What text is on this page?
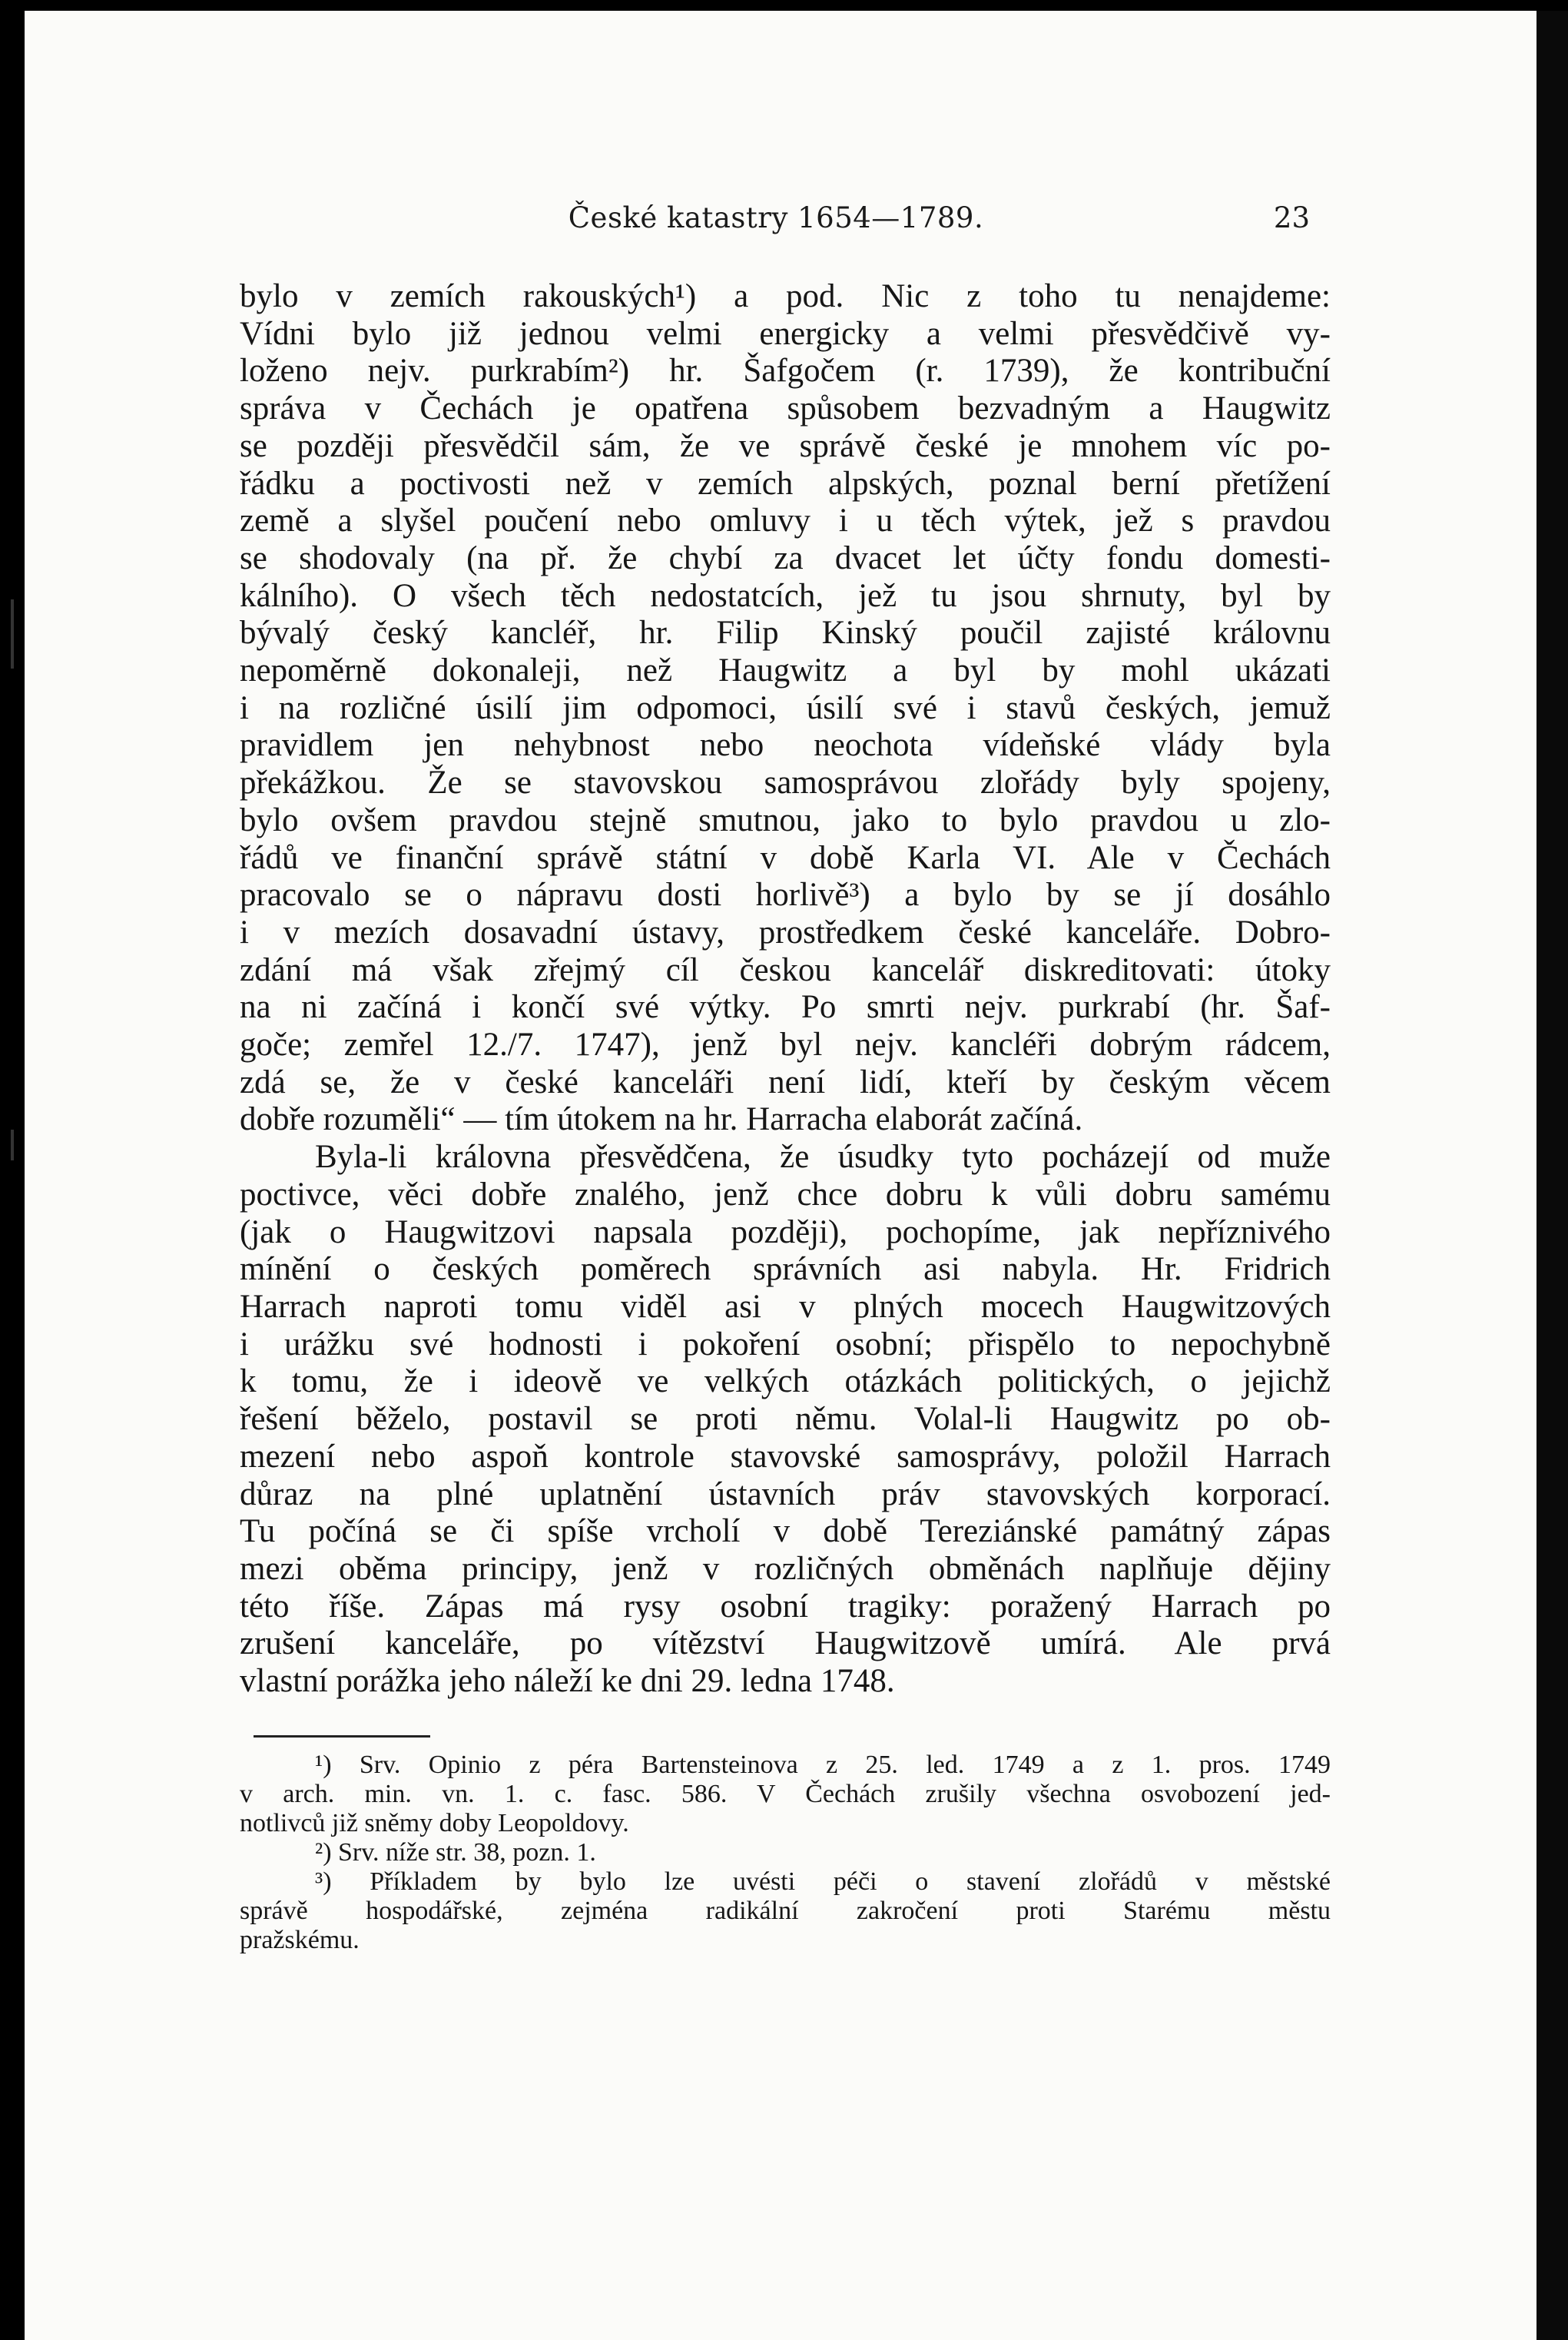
České katastry 1654—1789.	23
bylo v zemích rakouských¹) a pod. Nic z toho tu nenajdeme:
Vídni bylo již jednou velmi energicky a velmi přesvědčivě vy-
loženo nejv. purkrabím²) hr. Šafgočem (r. 1739), že kontribuční
správa v Čechách je opatřena spůsobem bezvadným a Haugwitz
se později přesvědčil sám, že ve správě české je mnohem víc po-
řádku a poctivosti než v zemích alpských, poznal berní přetížení
země a slyšel poučení nebo omluvy i u těch výtek, jež s pravdou
se shodovaly (na př. že chybí za dvacet let účty fondu domesti-
kálního). O všech těch nedostatcích, jež tu jsou shrnuty, byl by
bývalý český kancléř, hr. Filip Kinský poučil zajisté královnu
nepoměrně dokonaleji, než Haugwitz a byl by mohl ukázati
i na rozličné úsilí jim odpomoci, úsilí své i stavů českých, jemuž
pravidlem jen nehybnost nebo neochota vídeňské vlády byla
překážkou. Že se stavovskou samosprávou zlořády byly spojeny,
bylo ovšem pravdou stejně smutnou, jako to bylo pravdou u zlo-
řádů ve finanční správě státní v době Karla VI. Ale v Čechách
pracovalo se o nápravu dosti horlivě³) a bylo by se jí dosáhlo
i v mezích dosavadní ústavy, prostředkem české kanceláře. Dobro-
zdání má však zřejmý cíl českou kancelář diskreditovati: útoky
na ni začíná i končí své výtky. Po smrti nejv. purkrabí (hr. Šaf-
goče; zemřel 12./7. 1747), jenž byl nejv. kancléři dobrým rádcem,
zdá se, že v české kanceláři není lidí, kteří by českým věcem
dobře rozuměli“ — tím útokem na hr. Harracha elaborát začíná.
Byla-li královna přesvědčena, že úsudky tyto pocházejí od muže
poctivce, věci dobře znalého, jenž chce dobru k vůli dobru samému
(jak o Haugwitzovi napsala později), pochopíme, jak nepříznivého
mínění o českých poměrech správních asi nabyla. Hr. Fridrich
Harrach naproti tomu viděl asi v plných mocech Haugwitzových
i urážku své hodnosti i pokoření osobní; přispělo to nepochybně
k tomu, že i ideově ve velkých otázkách politických, o jejichž
řešení běželo, postavil se proti němu. Volal-li Haugwitz po ob-
mezení nebo aspoň kontrole stavovské samosprávy, položil Harrach
důraz na plné uplatnění ústavních práv stavovských korporací.
Tu počíná se či spíše vrcholí v době Tereziánské památný zápas
mezi oběma principy, jenž v rozličných obměnách naplňuje dějiny
této říše. Zápas má rysy osobní tragiky: poražený Harrach po
zrušení kanceláře, po vítězství Haugwitzově umírá. Ale prvá
vlastní porážka jeho náleží ke dni 29. ledna 1748.
¹) Srv. Opinio z péra Bartensteinova z 25. led. 1749 a z 1. pros. 1749
v arch. min. vn. 1. c. fasc. 586. V Čechách zrušily všechna osvobození jed-
notlivců již sněmy doby Leopoldovy.
²) Srv. níže str. 38, pozn. 1.
³) Příkladem by bylo lze uvésti péči o stavení zlořádů v městské
správě hospodářské, zejména radikální zakročení proti Starému městu
pražskému.
